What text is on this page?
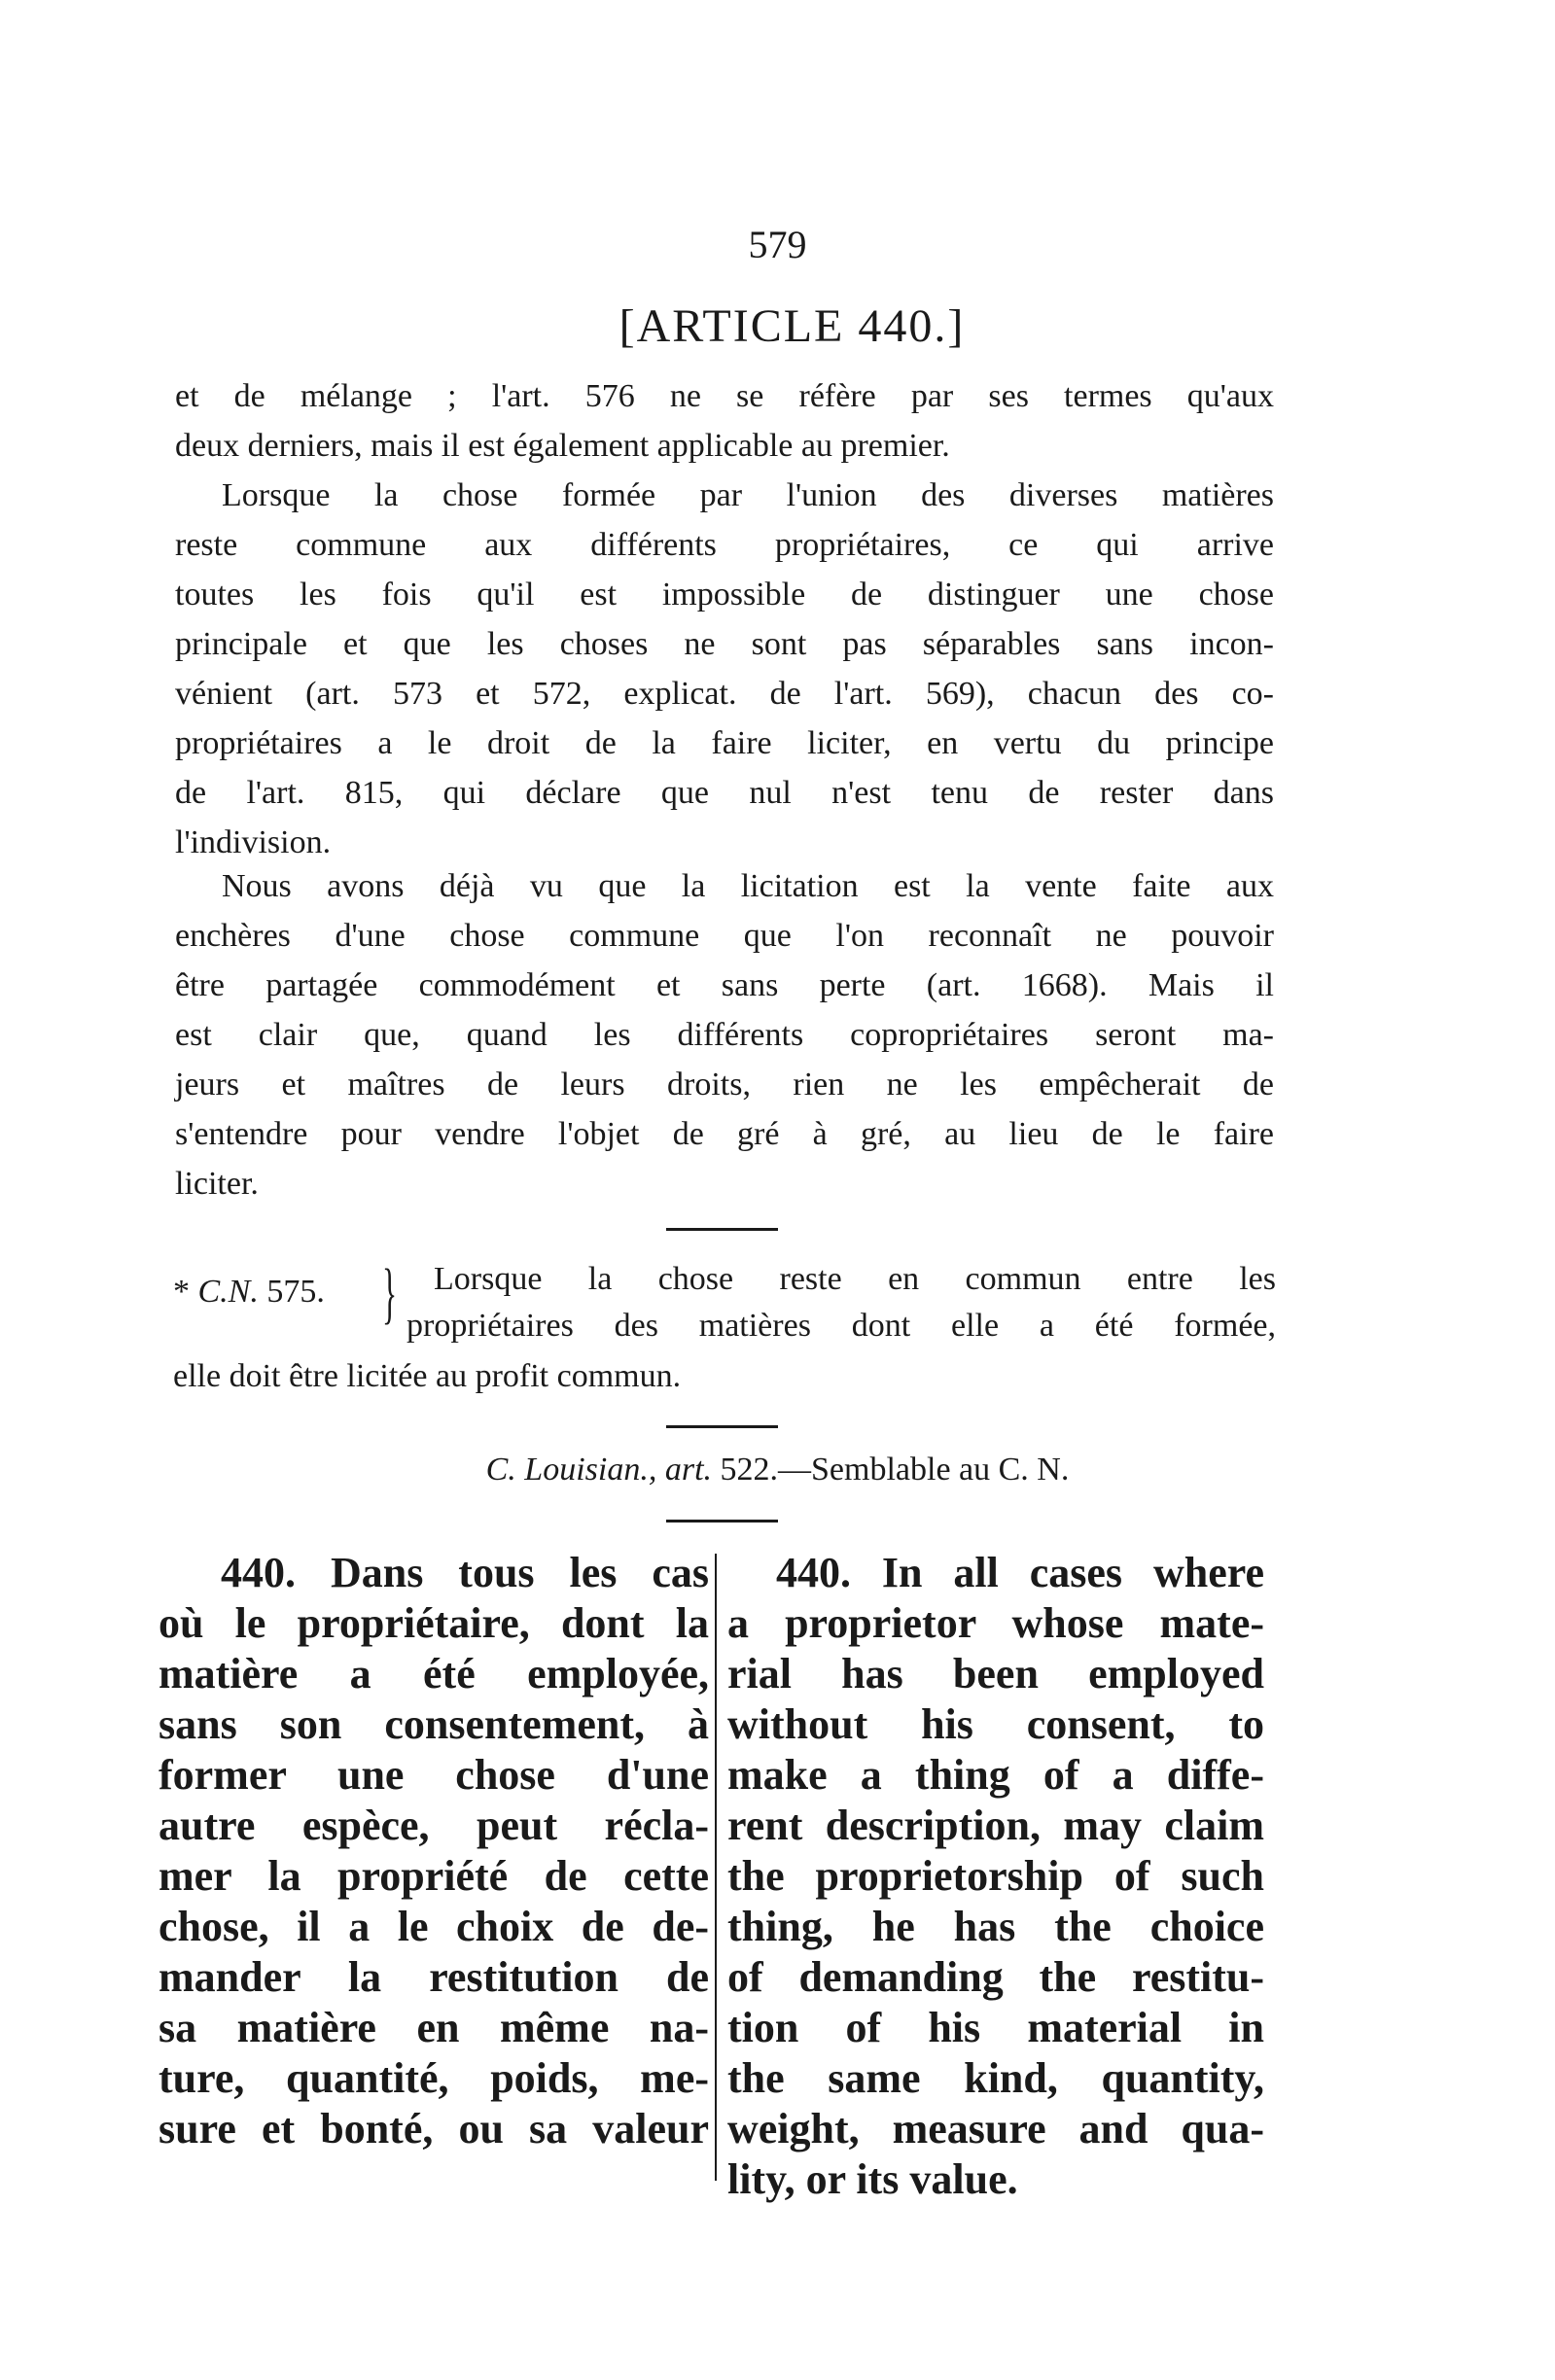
579
[ARTICLE 440.]
et de mélange ; l'art. 576 ne se réfère par ses termes qu'aux
deux derniers, mais il est également applicable au premier.
Lorsque la chose formée par l'union des diverses matières
reste commune aux différents propriétaires, ce qui arrive
toutes les fois qu'il est impossible de distinguer une chose
principale et que les choses ne sont pas séparables sans incon-
vénient (art. 573 et 572, explicat. de l'art. 569), chacun des co-
propriétaires a le droit de la faire liciter, en vertu du principe
de l'art. 815, qui déclare que nul n'est tenu de rester dans
l'indivision.
Nous avons déjà vu que la licitation est la vente faite aux
enchères d'une chose commune que l'on reconnaît ne pouvoir
être partagée commodément et sans perte (art. 1668). Mais il
est clair que, quand les différents copropriétaires seront ma-
jeurs et maîtres de leurs droits, rien ne les empêcherait de
s'entendre pour vendre l'objet de gré à gré, au lieu de le faire
liciter.
* C.N. 575. } Lorsque la chose reste en commun entre les
propriétaires des matières dont elle a été formée,
elle doit être licitée au profit commun.
C. Louisian., art. 522.—Semblable au C. N.
440. Dans tous les cas
où le propriétaire, dont la
matière a été employée,
sans son consentement, à
former une chose d'une
autre espèce, peut récla-
mer la propriété de cette
chose, il a le choix de de-
mander la restitution de
sa matière en même na-
ture, quantité, poids, me-
sure et bonté, ou sa valeur
440. In all cases where
a proprietor whose mate-
rial has been employed
without his consent, to
make a thing of a diffe-
rent description, may claim
the proprietorship of such
thing, he has the choice
of demanding the restitu-
tion of his material in
the same kind, quantity,
weight, measure and qua-
lity, or its value.
